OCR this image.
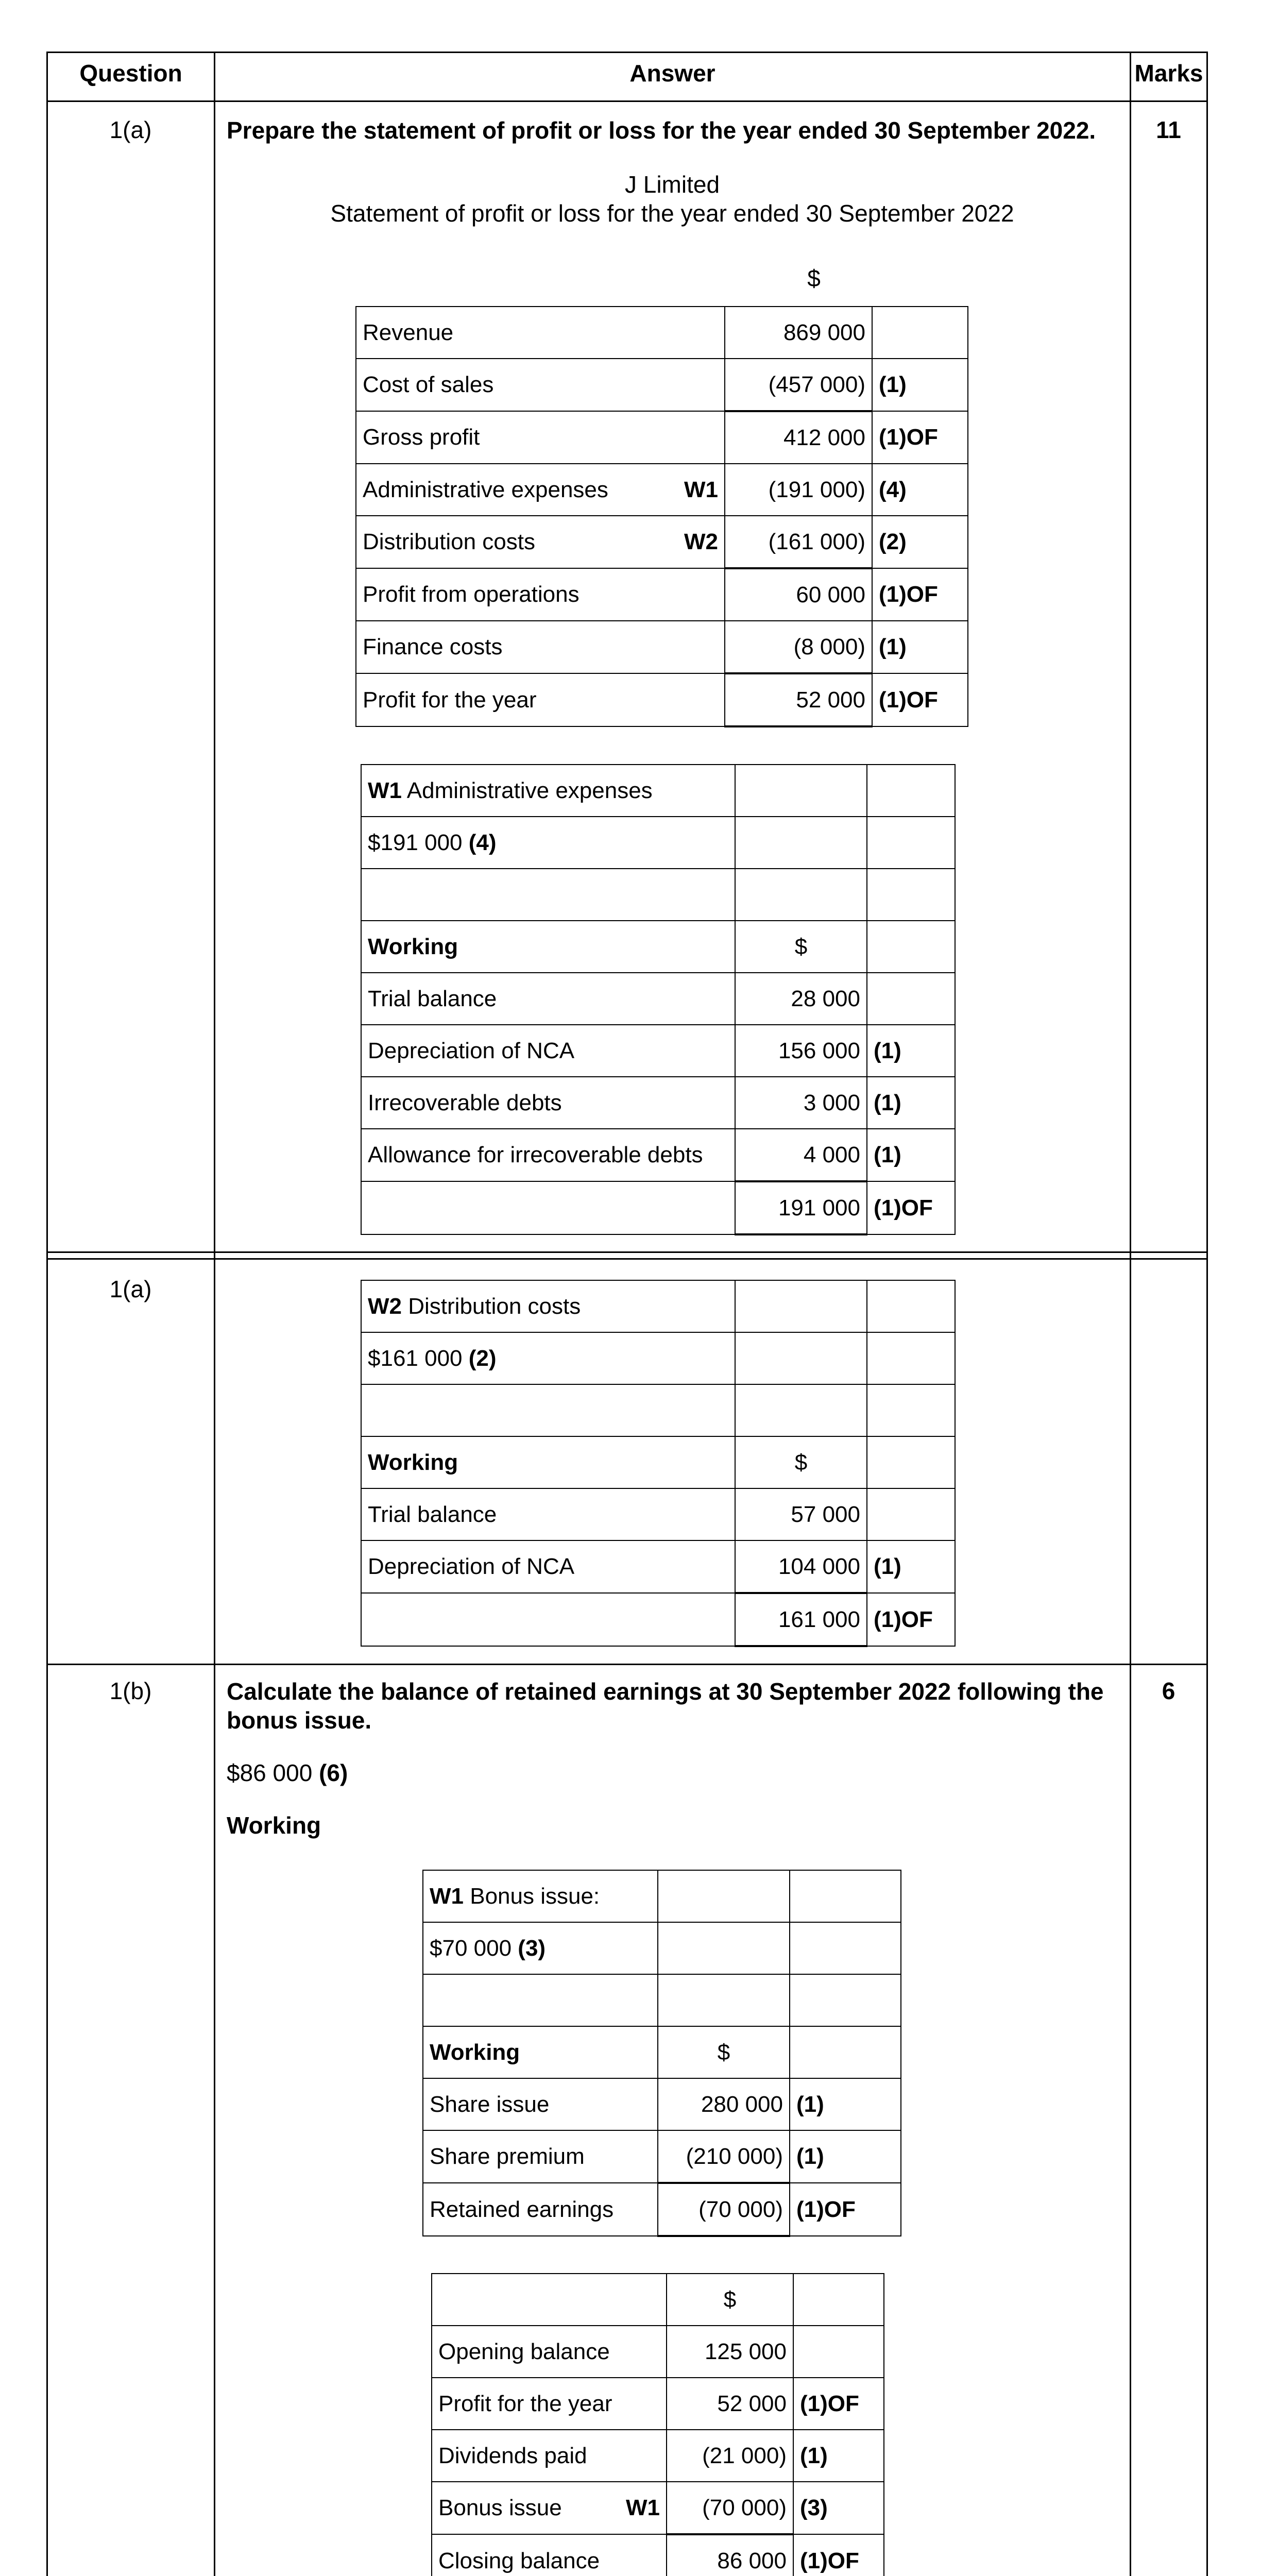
Question	Answer	Marks
1(a)	11

Prepare the statement of profit or loss for the year ended 30 September 2022.

J Limited
Statement of profit or loss for the year ended 30 September 2022
$
Revenue	869 000	
Cost of sales	(457 000)	(1)
Gross profit	412 000	(1)OF
Administrative expenses W1	(191 000)	(4)
Distribution costs W2	(161 000)	(2)
Profit from operations	60 000	(1)OF
Finance costs	(8 000)	(1)
Profit for the year	52 000	(1)OF
W1 Administrative expenses		
$191 000 (4)		

Working	$	
Trial balance	28 000	
Depreciation of NCA	156 000	(1)
Irrecoverable debts	3 000	(1)
Allowance for irrecoverable debts	4 000	(1)
	191 000	(1)OF
1(a)
W2 Distribution costs		
$161 000 (2)		

Working	$	
Trial balance	57 000	
Depreciation of NCA	104 000	(1)
	161 000	(1)OF
1(b)	6

Calculate the balance of retained earnings at 30 September 2022 following the bonus issue.

$86 000 (6)

Working

W1 Bonus issue:		
$70 000 (3)		

Working	$	
Share issue	280 000	(1)
Share premium	(210 000)	(1)
Retained earnings	(70 000)	(1)OF
	$	
Opening balance	125 000	
Profit for the year	52 000	(1)OF
Dividends paid	(21 000)	(1)
Bonus issue W1	(70 000)	(3)
Closing balance	86 000	(1)OF
